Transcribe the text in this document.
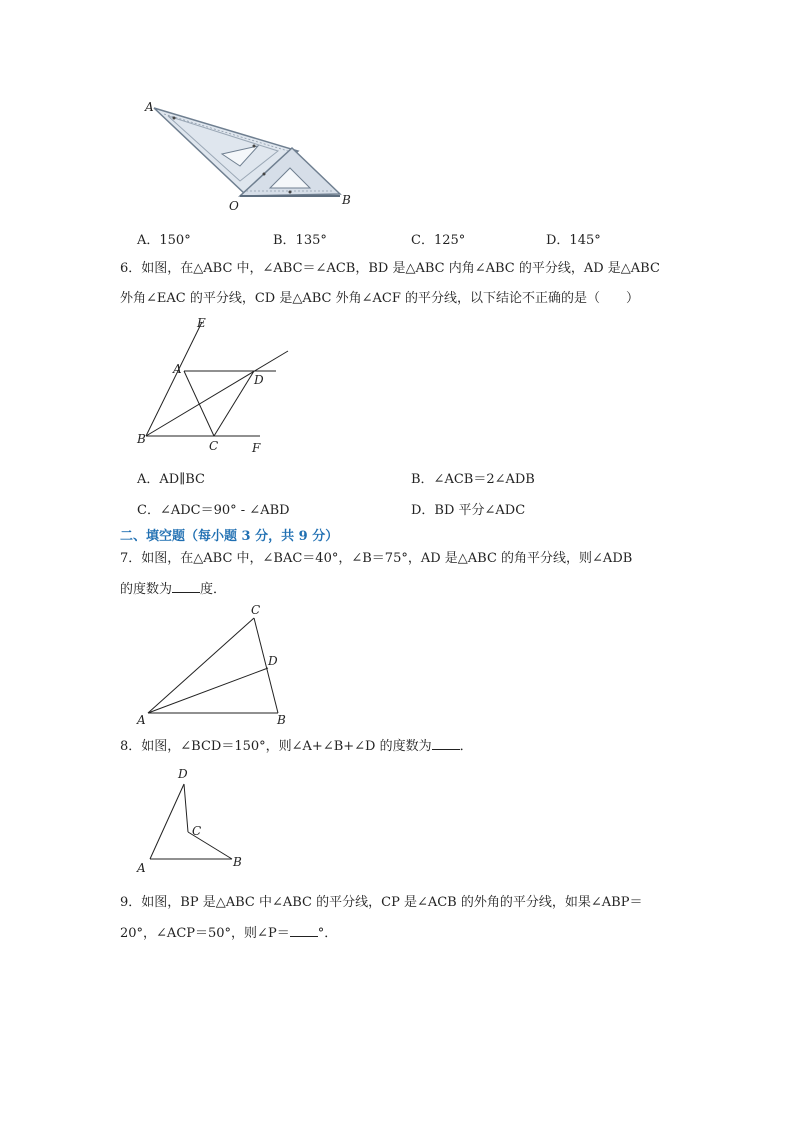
A
O	B
A．150°	B．135°	C．125°	D．145°
6．如图，在△ABC 中，∠ABC＝∠ACB，BD 是△ABC 内角∠ABC 的平分线，AD 是△ABC
外角∠EAC 的平分线，CD 是△ABC 外角∠ACF 的平分线，以下结论不正确的是（　　）
E
A
D
B	C	F
A．AD∥BC	B．∠ACB＝2∠ADB
C．∠ADC＝90° - ∠ABD	D．BD 平分∠ADC
二、填空题（每小题 3 分，共 9 分）
7．如图，在△ABC 中，∠BAC＝40°，∠B＝75°，AD 是△ABC 的角平分线，则∠ADB
的度数为 度．
C
D
A	B
8．如图，∠BCD＝150°，则∠A+∠B+∠D 的度数为 ．
D
C
A	B
9．如图，BP 是△ABC 中∠ABC 的平分线，CP 是∠ACB 的外角的平分线，如果∠ABP＝
20°，∠ACP＝50°，则∠P＝ °．
